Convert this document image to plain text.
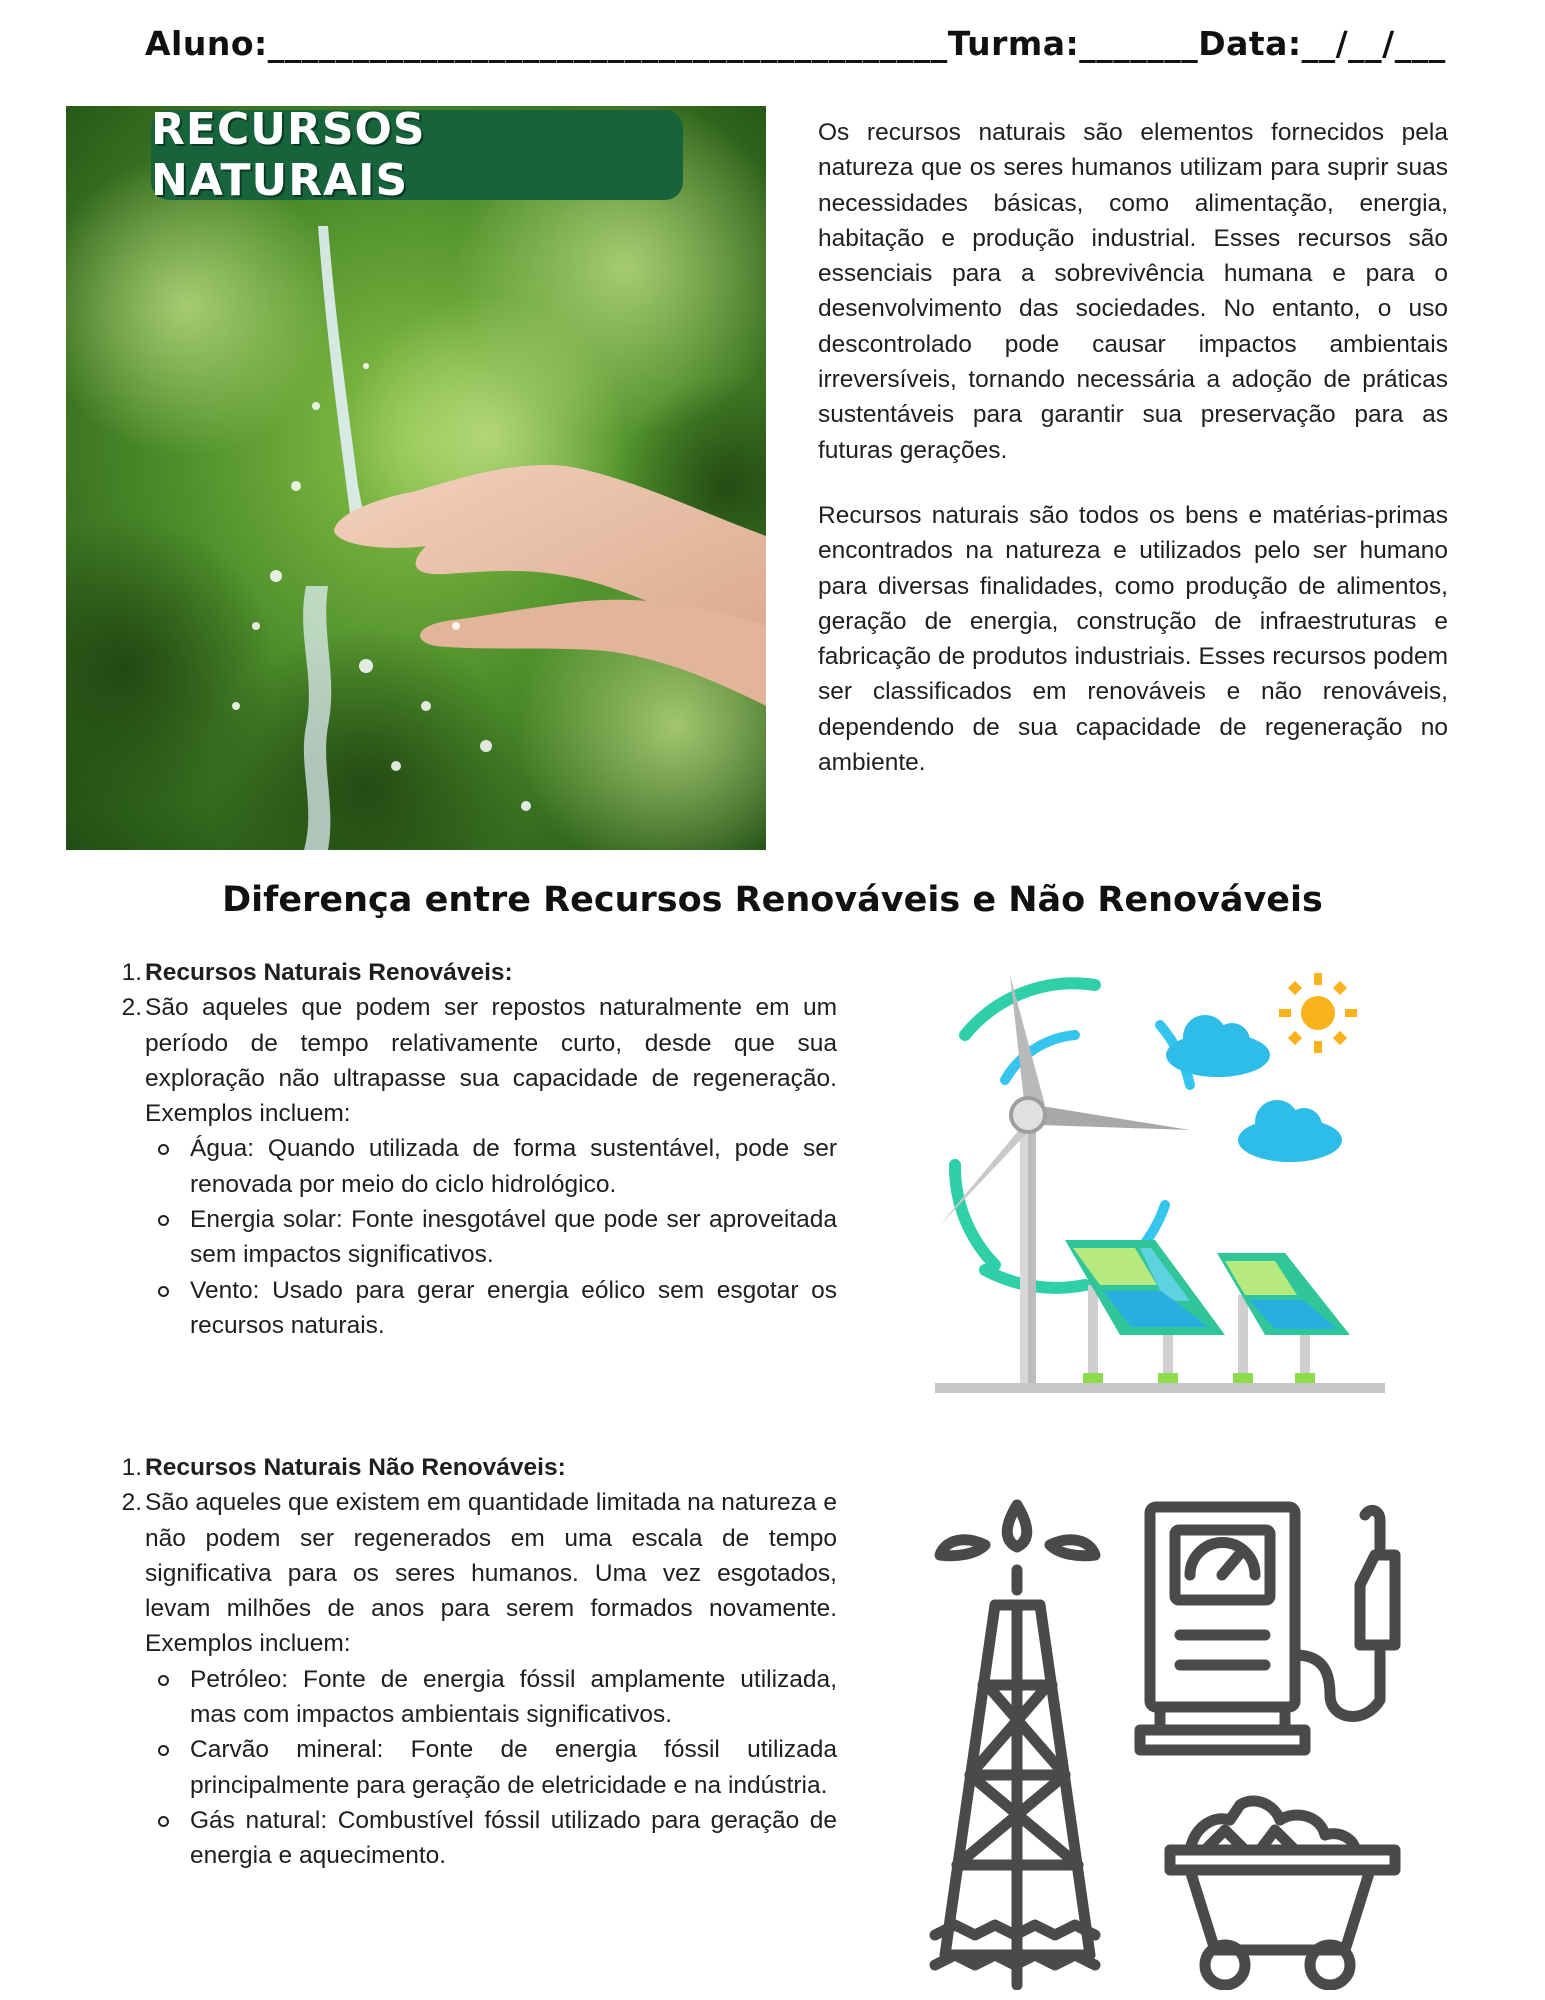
Aluno:________________________________________Turma:_______Data:__/__/___
RECURSOS NATURAIS
Os recursos naturais são elementos fornecidos pela natureza que os seres humanos utilizam para suprir suas necessidades básicas, como alimentação, energia, habitação e produção industrial. Esses recursos são essenciais para a sobrevivência humana e para o desenvolvimento das sociedades. No entanto, o uso descontrolado pode causar impactos ambientais irreversíveis, tornando necessária a adoção de práticas sustentáveis para garantir sua preservação para as futuras gerações.
Recursos naturais são todos os bens e matérias-primas encontrados na natureza e utilizados pelo ser humano para diversas finalidades, como produção de alimentos, geração de energia, construção de infraestruturas e fabricação de produtos industriais. Esses recursos podem ser classificados em renováveis e não renováveis, dependendo de sua capacidade de regeneração no ambiente.
Diferença entre Recursos Renováveis e Não Renováveis
1. Recursos Naturais Renováveis:
2. São aqueles que podem ser repostos naturalmente em um período de tempo relativamente curto, desde que sua exploração não ultrapasse sua capacidade de regeneração. Exemplos incluem:
Água: Quando utilizada de forma sustentável, pode ser renovada por meio do ciclo hidrológico.
Energia solar: Fonte inesgotável que pode ser aproveitada sem impactos significativos.
Vento: Usado para gerar energia eólico sem esgotar os recursos naturais.
1. Recursos Naturais Não Renováveis:
2. São aqueles que existem em quantidade limitada na natureza e não podem ser regenerados em uma escala de tempo significativa para os seres humanos. Uma vez esgotados, levam milhões de anos para serem formados novamente. Exemplos incluem:
Petróleo: Fonte de energia fóssil amplamente utilizada, mas com impactos ambientais significativos.
Carvão mineral: Fonte de energia fóssil utilizada principalmente para geração de eletricidade e na indústria.
Gás natural: Combustível fóssil utilizado para geração de energia e aquecimento.
